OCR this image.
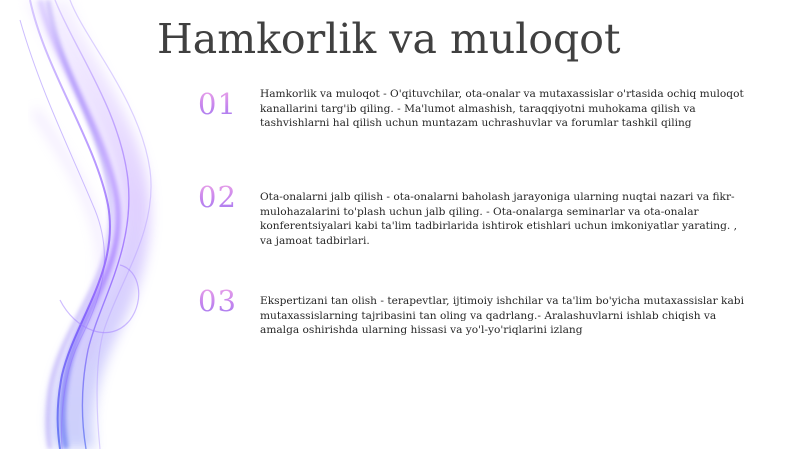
Hamkorlik va muloqot
01	Hamkorlik va muloqot - O'qituvchilar, ota-onalar va mutaxassislar o'rtasida ochiq muloqot kanallarini targ'ib qiling. - Ma'lumot almashish, taraqqiyotni muhokama qilish va tashvishlarni hal qilish uchun muntazam uchrashuvlar va forumlar tashkil qiling

02	Ota-onalarni jalb qilish - ota-onalarni baholash jarayoniga ularning nuqtai nazari va fikr-mulohazalarini to'plash uchun jalb qiling. - Ota-onalarga seminarlar va ota-onalar konferentsiyalari kabi ta'lim tadbirlarida ishtirok etishlari uchun imkoniyatlar yarating. , va jamoat tadbirlari.

03	Ekspertizani tan olish - terapevtlar, ijtimoiy ishchilar va ta'lim bo'yicha mutaxassislar kabi mutaxassislarning tajribasini tan oling va qadrlang.- Aralashuvlarni ishlab chiqish va amalga oshirishda ularning hissasi va yo'l-yo'riqlarini izlang
